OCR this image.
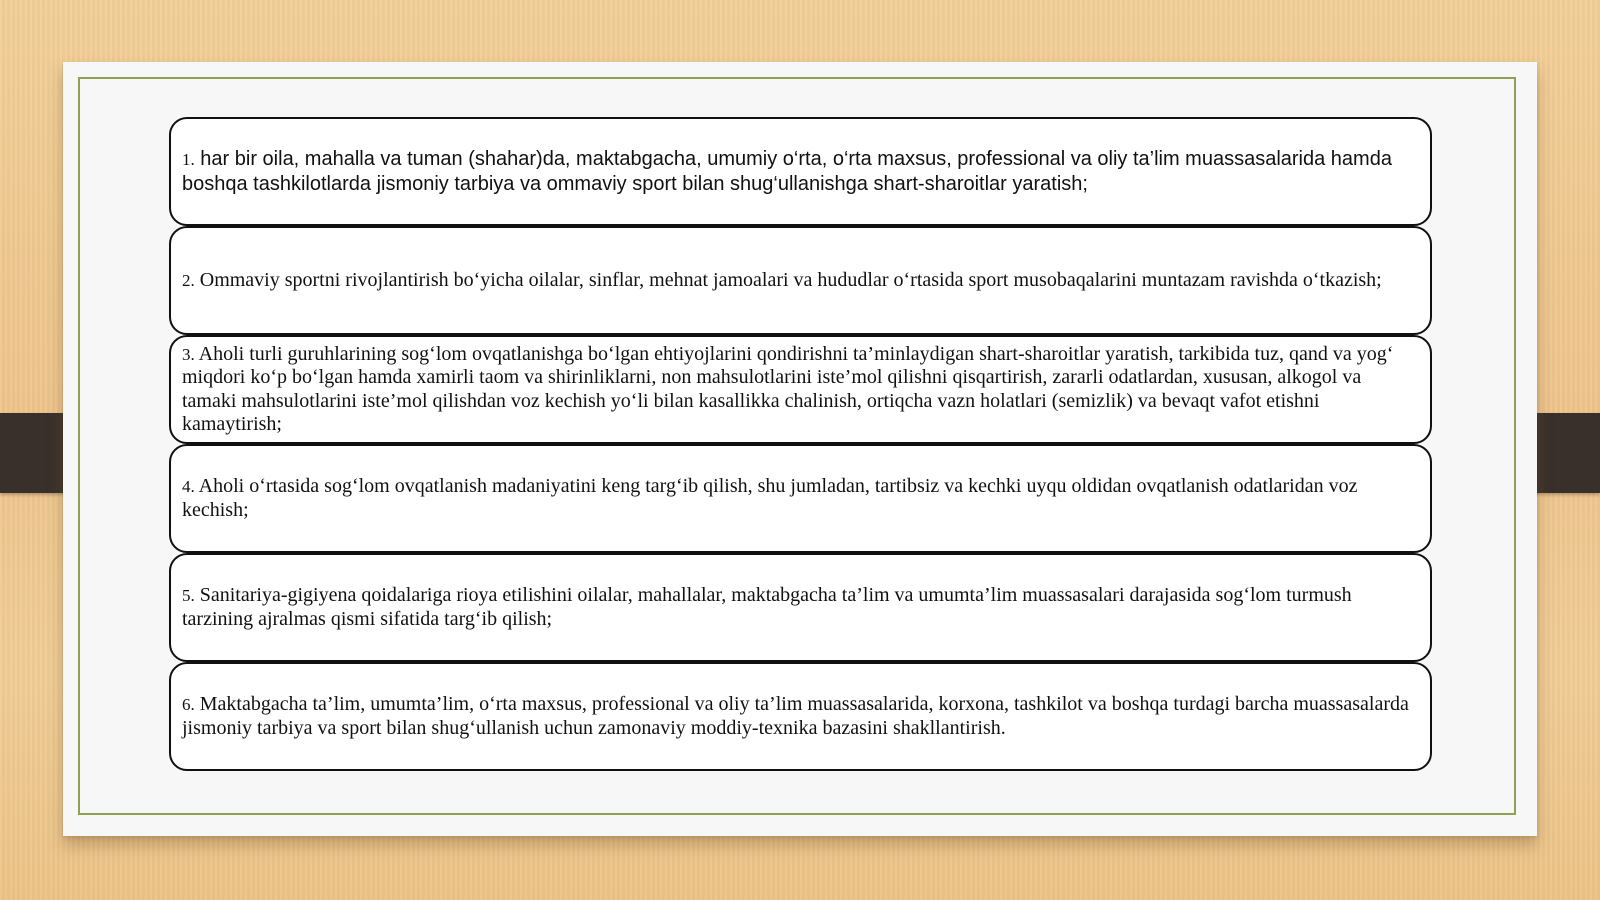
1. har bir oila, mahalla va tuman (shahar)da, maktabgacha, umumiy o‘rta, o‘rta maxsus, professional va oliy ta’lim muassasalarida hamda boshqa tashkilotlarda jismoniy tarbiya va ommaviy sport bilan shug‘ullanishga shart-sharoitlar yaratish;
2. Ommaviy sportni rivojlantirish bo‘yicha oilalar, sinflar, mehnat jamoalari va hududlar o‘rtasida sport musobaqalarini muntazam ravishda o‘tkazish;
3. Aholi turli guruhlarining sog‘lom ovqatlanishga bo‘lgan ehtiyojlarini qondirishni ta’minlaydigan shart-sharoitlar yaratish, tarkibida tuz, qand va yog‘ miqdori ko‘p bo‘lgan hamda xamirli taom va shirinliklarni, non mahsulotlarini iste’mol qilishni qisqartirish, zararli odatlardan, xususan, alkogol va tamaki mahsulotlarini iste’mol qilishdan voz kechish yo‘li bilan kasallikka chalinish, ortiqcha vazn holatlari (semizlik) va bevaqt vafot etishni kamaytirish;
4. Aholi o‘rtasida sog‘lom ovqatlanish madaniyatini keng targ‘ib qilish, shu jumladan, tartibsiz va kechki uyqu oldidan ovqatlanish odatlaridan voz kechish;
5. Sanitariya-gigiyena qoidalariga rioya etilishini oilalar, mahallalar, maktabgacha ta’lim va umumta’lim muassasalari darajasida sog‘lom turmush tarzining ajralmas qismi sifatida targ‘ib qilish;
6. Maktabgacha ta’lim, umumta’lim, o‘rta maxsus, professional va oliy ta’lim muassasalarida, korxona, tashkilot va boshqa turdagi barcha muassasalarda jismoniy tarbiya va sport bilan shug‘ullanish uchun zamonaviy moddiy-texnika bazasini shakllantirish.
